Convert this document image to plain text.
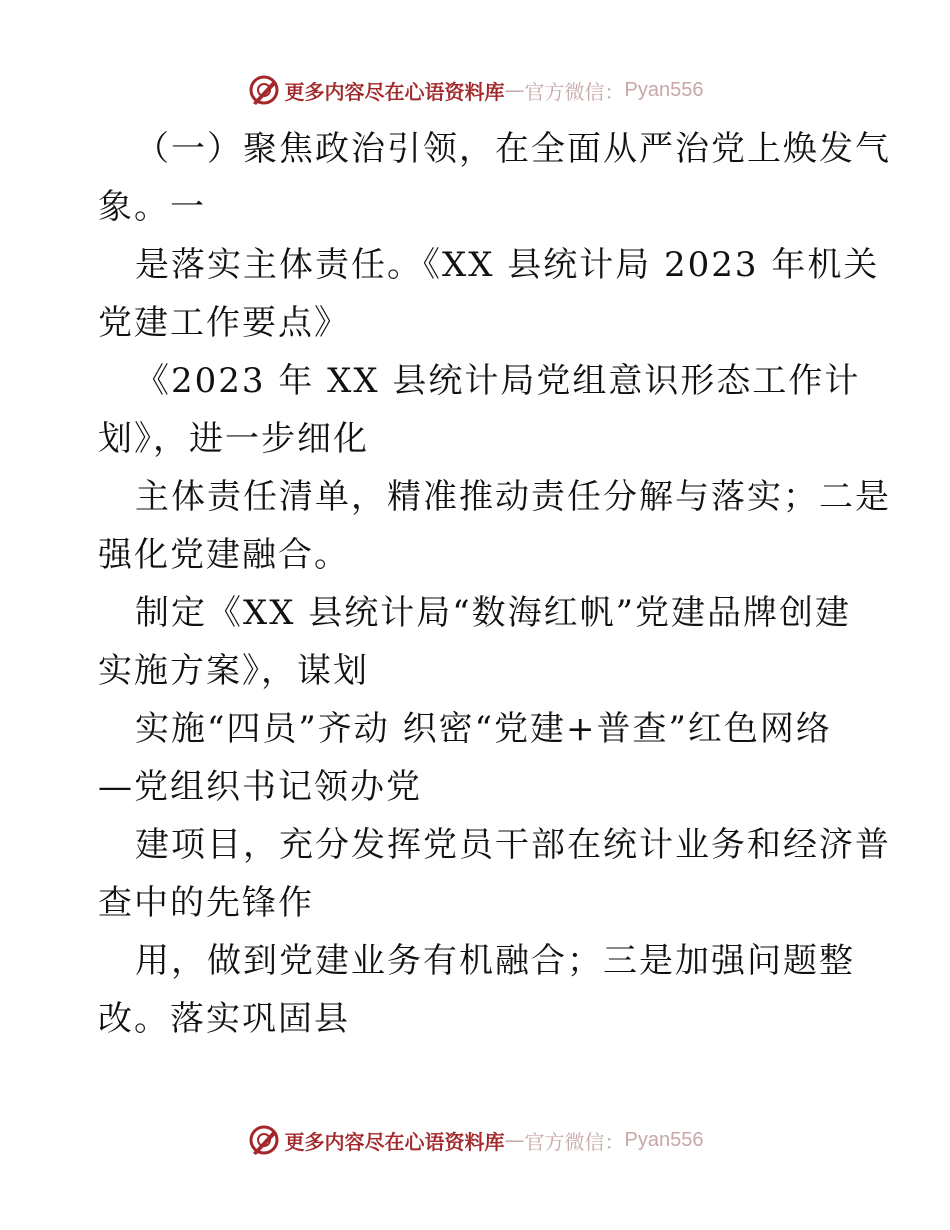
更多内容尽在心语资料库 — 官方微信： Pyan556
（一）聚焦政治引领，在全面从严治党上焕发气
象。一
是落实主体责任。《XX 县统计局 2023 年机关
党建工作要点》
《2023 年 XX 县统计局党组意识形态工作计
划》，进一步细化
主体责任清单，精准推动责任分解与落实；二是
强化党建融合。
制定《XX 县统计局“数海红帆”党建品牌创建
实施方案》，谋划
实施“四员”齐动 织密“党建+普查”红色网络
—党组织书记领办党
建项目，充分发挥党员干部在统计业务和经济普
查中的先锋作
用，做到党建业务有机融合；三是加强问题整
改。落实巩固县
更多内容尽在心语资料库 — 官方微信： Pyan556
